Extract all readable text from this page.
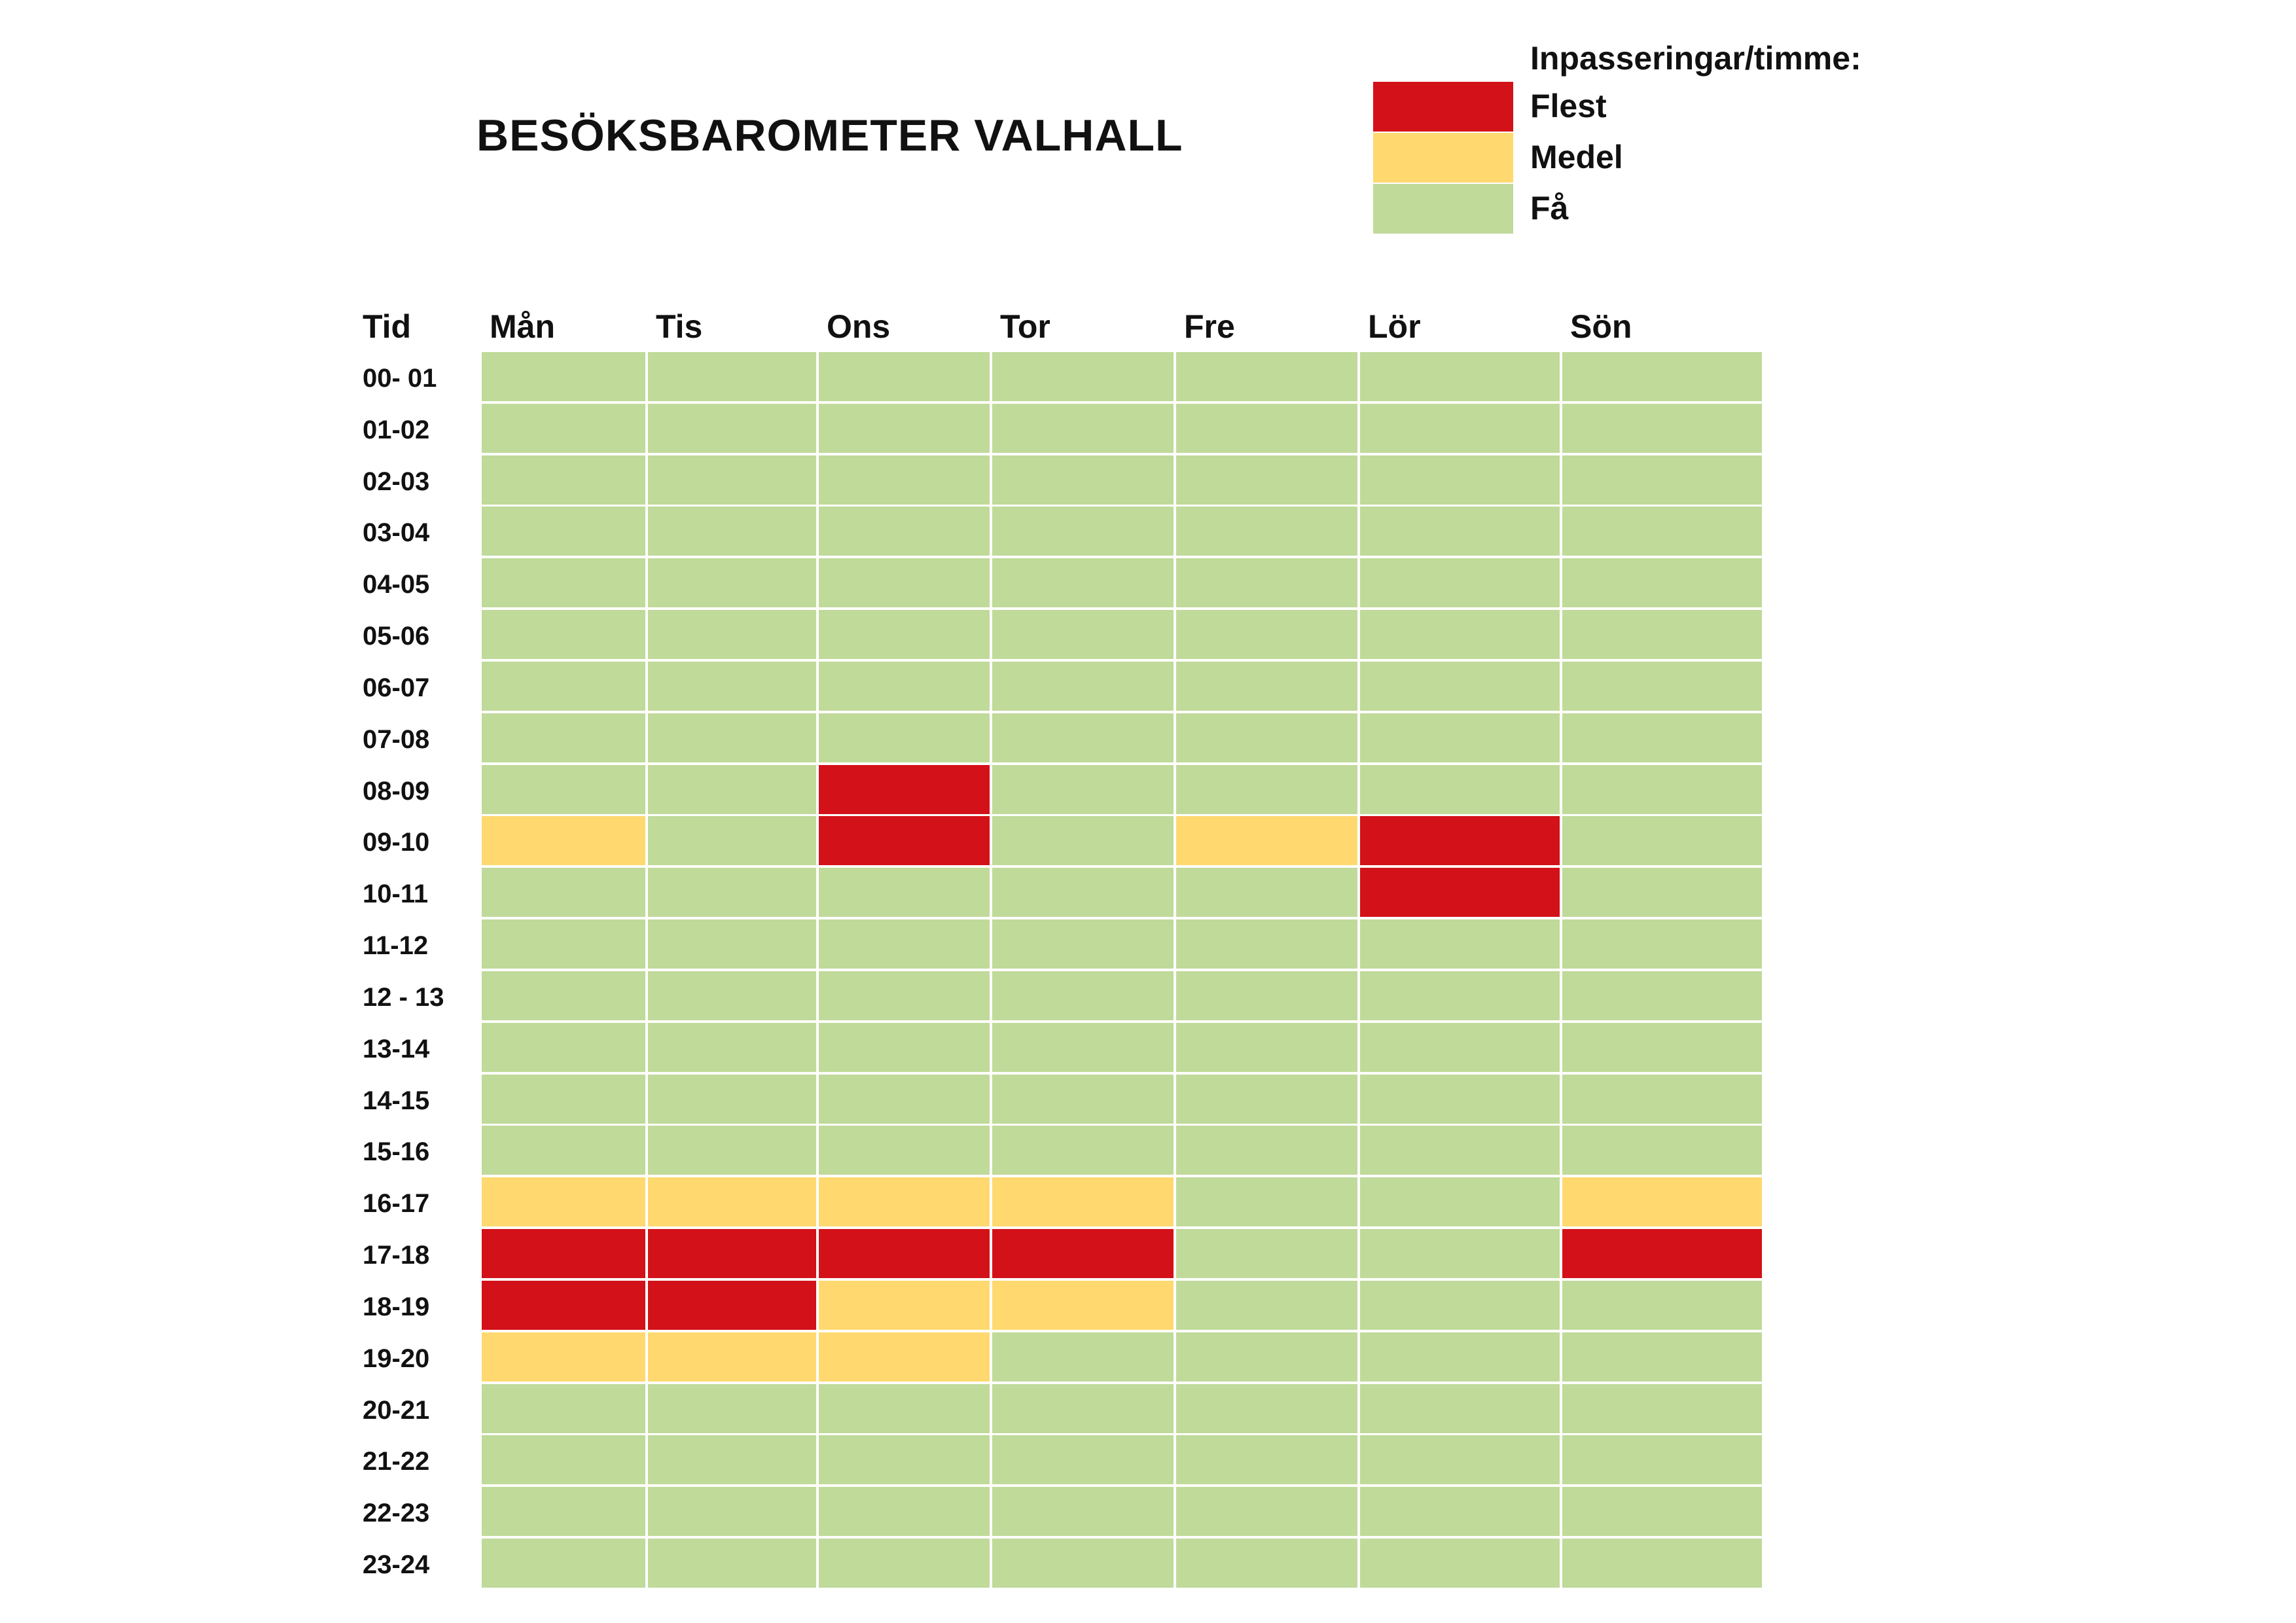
BESÖKSBAROMETER VALHALL
Inpasseringar/timme:
Flest
Medel
Få
Tid Mån	Tis	Ons	Tor	Fre	Lör	Sön
00- 01
01-02
02-03
03-04
04-05
05-06
06-07
07-08
08-09
09-10
10-11
11-12
12 - 13
13-14
14-15
15-16
16-17
17-18
18-19
19-20
20-21
21-22
22-23
23-24
